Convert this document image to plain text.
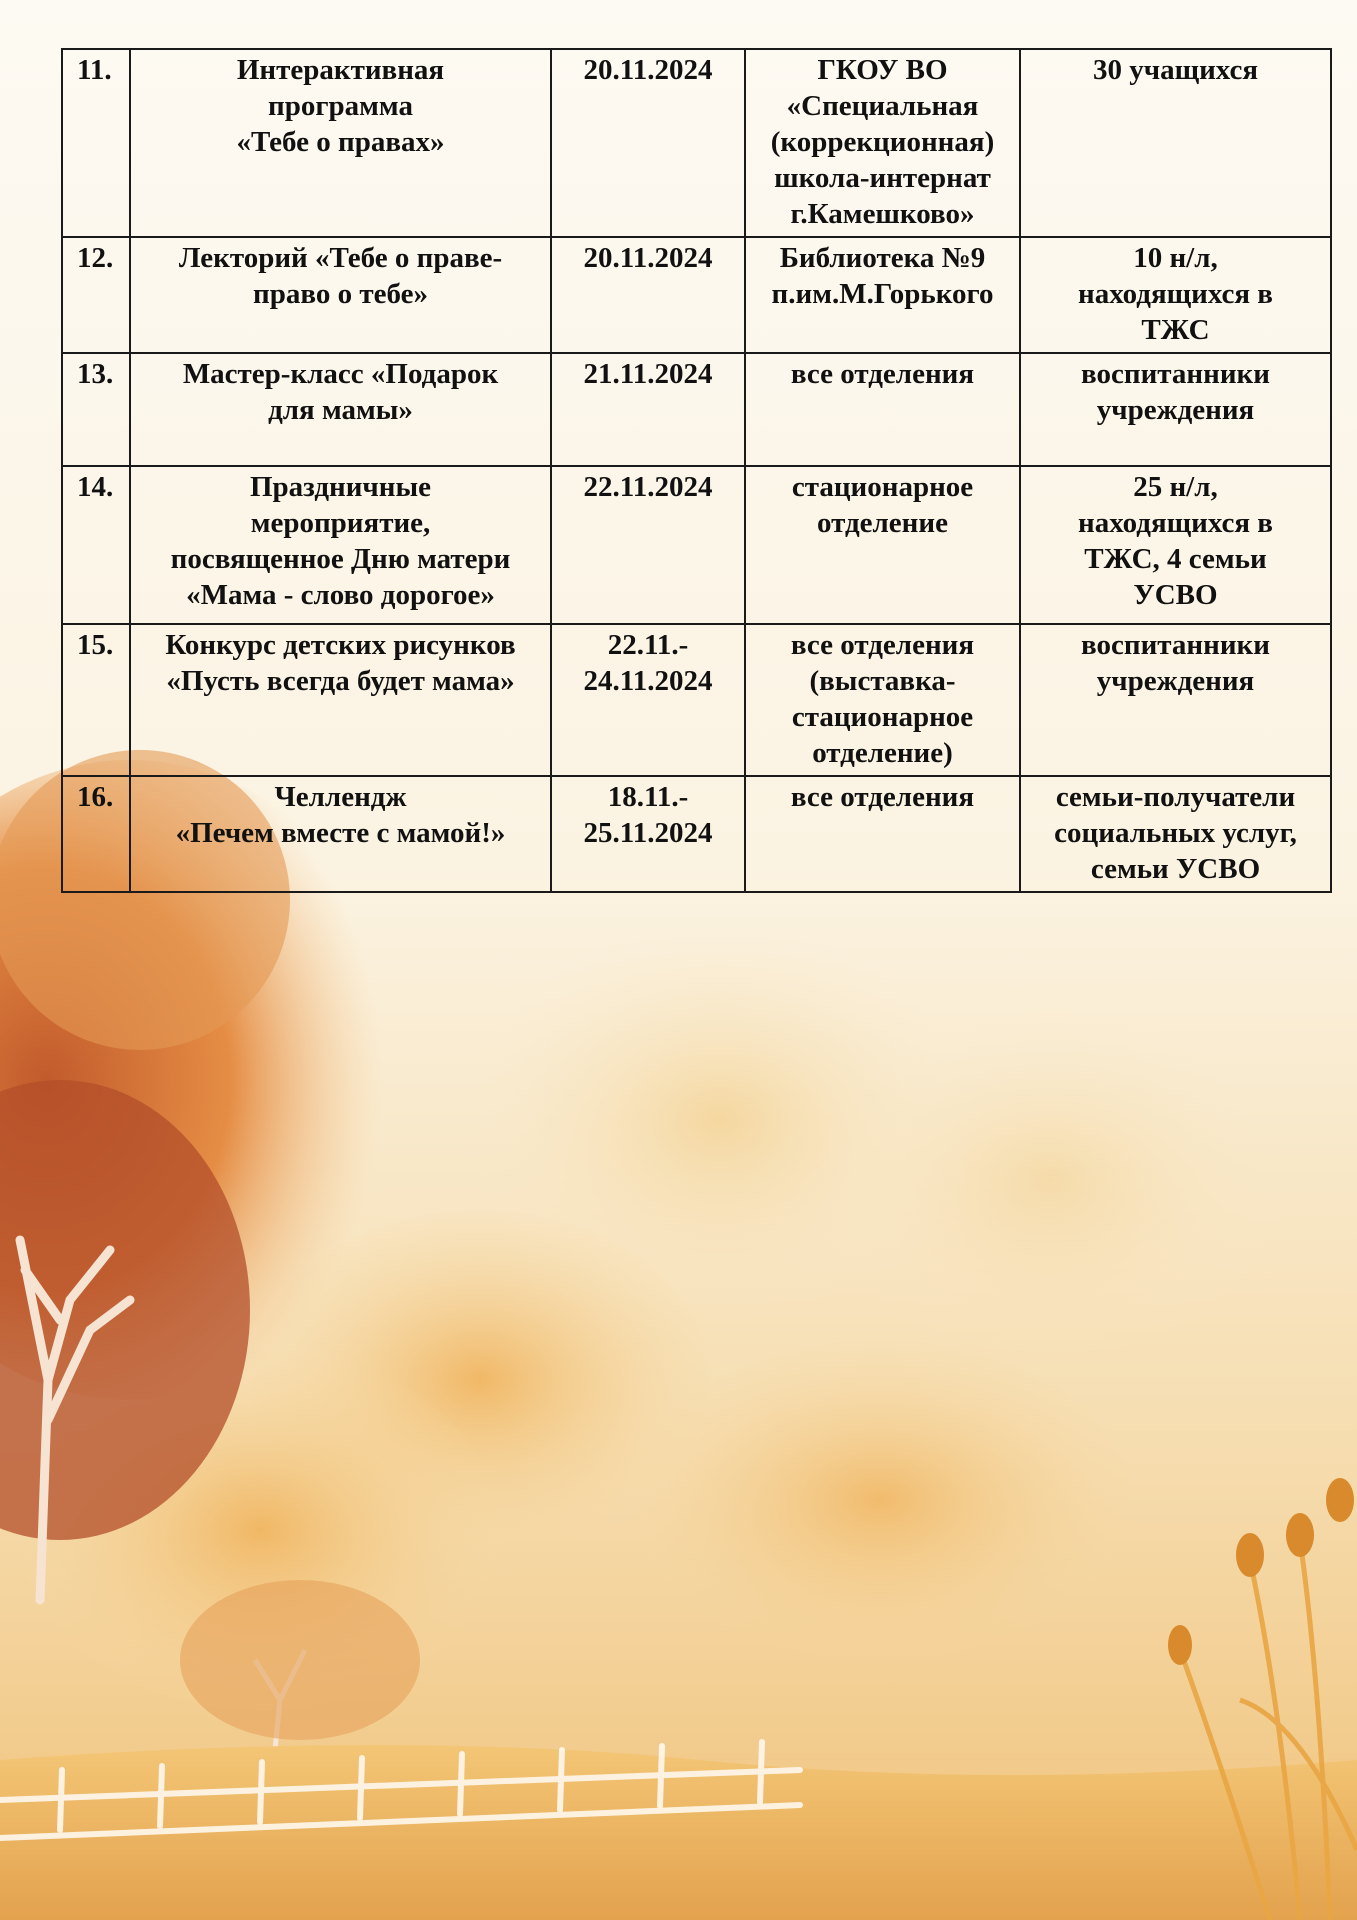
11.	Интерактивная
программа
«Тебе о правах»	20.11.2024	ГКОУ ВО
«Специальная
(коррекционная)
школа-интернат
г.Камешково»	30 учащихся
12.	Лекторий «Тебе о праве-
право о тебе»	20.11.2024	Библиотека №9
п.им.М.Горького	10 н/л,
находящихся в
ТЖС
13.	Мастер-класс «Подарок
для мамы»	21.11.2024	все отделения	воспитанники
учреждения
14.	Праздничные
мероприятие,
посвященное Дню матери
«Мама - слово дорогое»	22.11.2024	стационарное
отделение	25 н/л,
находящихся в
ТЖС, 4 семьи
УСВО
15.	Конкурс детских рисунков
«Пусть всегда будет мама»	22.11.-
24.11.2024	все отделения
(выставка-
стационарное
отделение)	воспитанники
учреждения
16.	Челлендж
«Печем вместе с мамой!»	18.11.-
25.11.2024	все отделения	семьи-получатели
социальных услуг,
семьи УСВО
